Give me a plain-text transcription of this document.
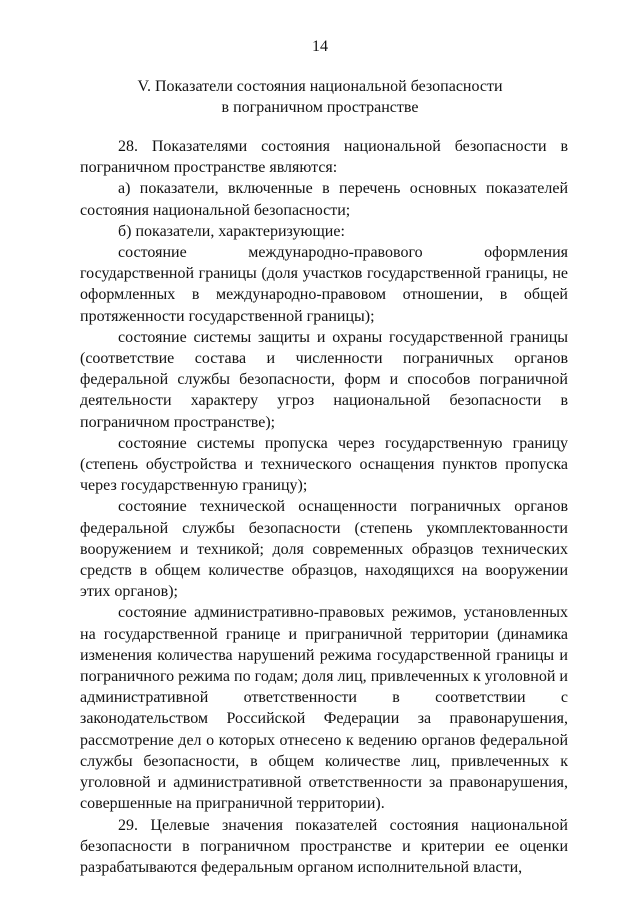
14
V. Показатели состояния национальной безопасности
в пограничном пространстве

28. Показателями состояния национальной безопасности в пограничном пространстве являются:

а) показатели, включенные в перечень основных показателей состояния национальной безопасности;

б) показатели, характеризующие:

состояние международно-правового оформления государственной границы (доля участков государственной границы, не оформленных в международно-правовом отношении, в общей протяженности государственной границы);

состояние системы защиты и охраны государственной границы (соответствие состава и численности пограничных органов федеральной службы безопасности, форм и способов пограничной деятельности характеру угроз национальной безопасности в пограничном пространстве);

состояние системы пропуска через государственную границу (степень обустройства и технического оснащения пунктов пропуска через государственную границу);

состояние технической оснащенности пограничных органов федеральной службы безопасности (степень укомплектованности вооружением и техникой; доля современных образцов технических средств в общем количестве образцов, находящихся на вооружении этих органов);

состояние административно-правовых режимов, установленных на государственной границе и приграничной территории (динамика изменения количества нарушений режима государственной границы и пограничного режима по годам; доля лиц, привлеченных к уголовной и административной ответственности в соответствии с законодательством Российской Федерации за правонарушения, рассмотрение дел о которых отнесено к ведению органов федеральной службы безопасности, в общем количестве лиц, привлеченных к уголовной и административной ответственности за правонарушения, совершенные на приграничной территории).

29. Целевые значения показателей состояния национальной безопасности в пограничном пространстве и критерии ее оценки разрабатываются федеральным органом исполнительной власти,
